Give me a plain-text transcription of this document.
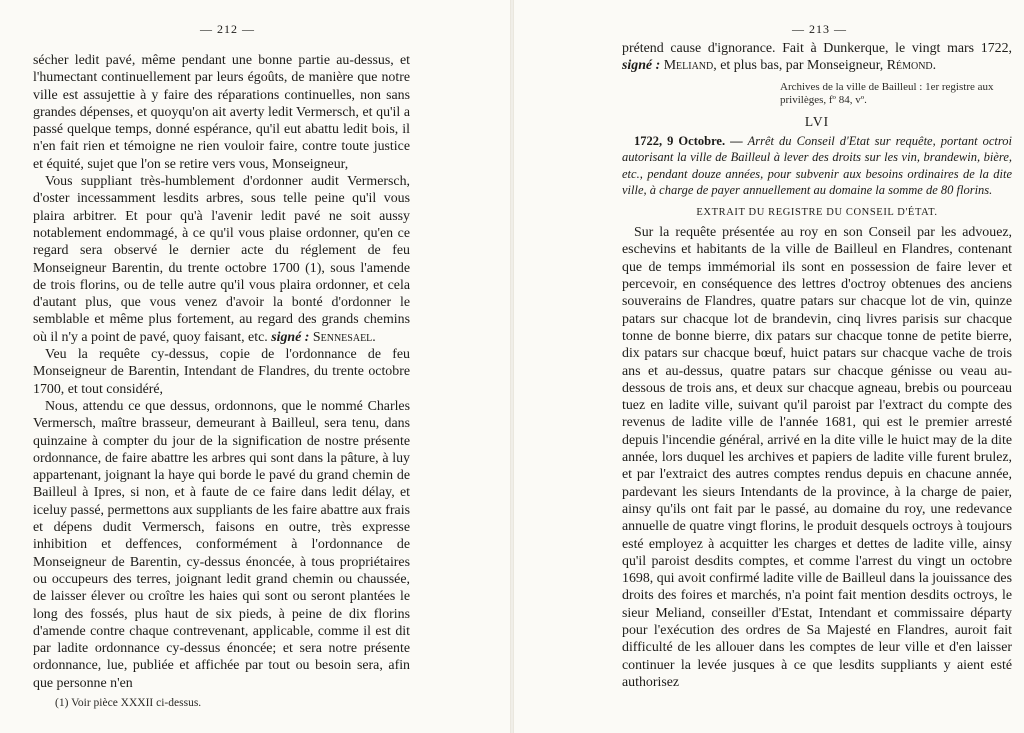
— 212 —

sécher ledit pavé, même pendant une bonne partie au-dessus, et l'humectant continuellement par leurs égoûts, de manière que notre ville est assujettie à y faire des réparations continuelles, non sans grandes dépenses, et quoyqu'on ait averty ledit Vermersch, et qu'il a passé quelque temps, donné espérance, qu'il eut abattu ledit bois, il n'en fait rien et témoigne ne rien vouloir faire, contre toute justice et équité, sujet que l'on se retire vers vous, Monseigneur,

Vous suppliant très-humblement d'ordonner audit Vermersch, d'oster incessamment lesdits arbres, sous telle peine qu'il vous plaira arbitrer. Et pour qu'à l'avenir ledit pavé ne soit aussy notablement endommagé, à ce qu'il vous plaise ordonner, qu'en ce regard sera observé le dernier acte du réglement de feu Monseigneur Barentin, du trente octobre 1700 (1), sous l'amende de trois florins, ou de telle autre qu'il vous plaira ordonner, et cela d'autant plus, que vous venez d'avoir la bonté d'ordonner le semblable et même plus fortement, au regard des grands chemins où il n'y a point de pavé, quoy faisant, etc. signé : Sennesael.

Veu la requête cy-dessus, copie de l'ordonnance de feu Monseigneur de Barentin, Intendant de Flandres, du trente octobre 1700, et tout considéré,

Nous, attendu ce que dessus, ordonnons, que le nommé Charles Vermersch, maître brasseur, demeurant à Bailleul, sera tenu, dans quinzaine à compter du jour de la signification de nostre présente ordonnance, de faire abattre les arbres qui sont dans la pâture, à luy appartenant, joignant la haye qui borde le pavé du grand chemin de Bailleul à Ipres, si non, et à faute de ce faire dans ledit délay, et iceluy passé, permettons aux suppliants de les faire abattre aux frais et dépens dudit Vermersch, faisons en outre, très expresse inhibition et deffences, conformément à l'ordonnance de Monseigneur de Barentin, cy-dessus énoncée, à tous propriétaires ou occupeurs des terres, joignant ledit grand chemin ou chaussée, de laisser élever ou croître les haies qui sont ou seront plantées le long des fossés, plus haut de six pieds, à peine de dix florins d'amende contre chaque contrevenant, applicable, comme il est dit par ladite ordonnance cy-dessus énoncée; et sera notre présente ordonnance, lue, publiée et affichée par tout ou besoin sera, afin que personne n'en

(1) Voir pièce XXXII ci-dessus.
— 213 —

prétend cause d'ignorance. Fait à Dunkerque, le vingt mars 1722, signé : Meliand, et plus bas, par Monseigneur, Rémond.

Archives de la ville de Bailleul : 1er registre aux privilèges, fº 84, vº.
LVI

1722, 9 Octobre. — Arrêt du Conseil d'Etat sur requête, portant octroi autorisant la ville de Bailleul à lever des droits sur les vin, brandewin, bière, etc., pendant douze années, pour subvenir aux besoins ordinaires de la dite ville, à charge de payer annuellement au domaine la somme de 80 florins.

EXTRAIT DU REGISTRE DU CONSEIL D'ÉTAT.

Sur la requête présentée au roy en son Conseil par les advouez, eschevins et habitants de la ville de Bailleul en Flandres, contenant que de temps immémorial ils sont en possession de faire lever et percevoir, en conséquence des lettres d'octroy obtenues des anciens souverains de Flandres, quatre patars sur chacque lot de vin, quinze patars sur chacque lot de brandevin, cinq livres parisis sur chacque tonne de bonne bierre, dix patars sur chacque tonne de petite bierre, dix patars sur chacque bœuf, huict patars sur chacque vache de trois ans et au-dessus, quatre patars sur chacque génisse ou veau au-dessous de trois ans, et deux sur chacque agneau, brebis ou pourceau tuez en ladite ville, suivant qu'il paroist par l'extract du compte des revenus de ladite ville de l'année 1681, qui est le premier arresté depuis l'incendie général, arrivé en la dite ville le huict may de la dite année, lors duquel les archives et papiers de ladite ville furent brulez, et par l'extraict des autres comptes rendus depuis en chacune année, pardevant les sieurs Intendants de la province, à la charge de paier, ainsy qu'ils ont fait par le passé, au domaine du roy, une redevance annuelle de quatre vingt florins, le produit desquels octroys à toujours esté employez à acquitter les charges et dettes de ladite ville, ainsy qu'il paroist desdits comptes, et comme l'arrest du vingt un octobre 1698, qui avoit confirmé ladite ville de Bailleul dans la jouissance des droits des foires et marchés, n'a point fait mention desdits octroys, le sieur Meliand, conseiller d'Estat, Intendant et commissaire départy pour l'exécution des ordres de Sa Majesté en Flandres, auroit fait difficulté de les allouer dans les comptes de leur ville et d'en laisser continuer la levée jusques à ce que lesdits suppliants y aient esté authorisez
